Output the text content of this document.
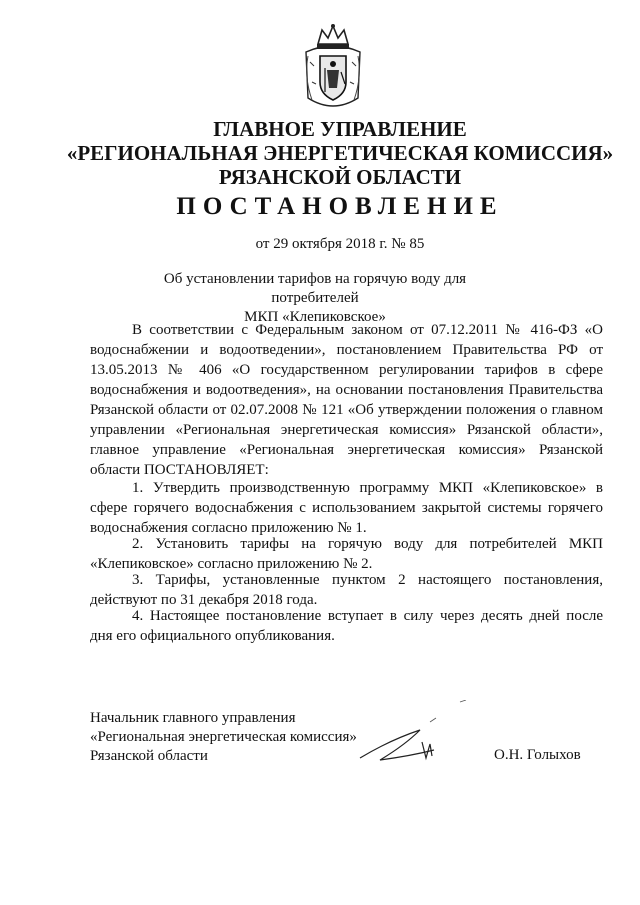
ГЛАВНОЕ УПРАВЛЕНИЕ
«РЕГИОНАЛЬНАЯ ЭНЕРГЕТИЧЕСКАЯ КОМИССИЯ»
РЯЗАНСКОЙ ОБЛАСТИ
ПОСТАНОВЛЕНИЕ
от 29 октября 2018 г. № 85
Об установлении тарифов на горячую воду для потребителей
МКП «Клепиковское»
В соответствии с Федеральным законом от 07.12.2011 № 416-ФЗ «О водоснабжении и водоотведении», постановлением Правительства РФ от 13.05.2013 № 406 «О государственном регулировании тарифов в сфере водоснабжения и водоотведения», на основании постановления Правительства Рязанской области от 02.07.2008 № 121 «Об утверждении положения о главном управлении «Региональная энергетическая комиссия» Рязанской области», главное управление «Региональная энергетическая комиссия» Рязанской области ПОСТАНОВЛЯЕТ:
1. Утвердить производственную программу МКП «Клепиковское» в сфере горячего водоснабжения с использованием закрытой системы горячего водоснабжения согласно приложению № 1.
2. Установить тарифы на горячую воду для потребителей МКП «Клепиковское» согласно приложению № 2.
3. Тарифы, установленные пунктом 2 настоящего постановления, действуют по 31 декабря 2018 года.
4. Настоящее постановление вступает в силу через десять дней после дня его официального опубликования.
Начальник главного управления
«Региональная энергетическая комиссия»
Рязанской области	О.Н. Голыхов
